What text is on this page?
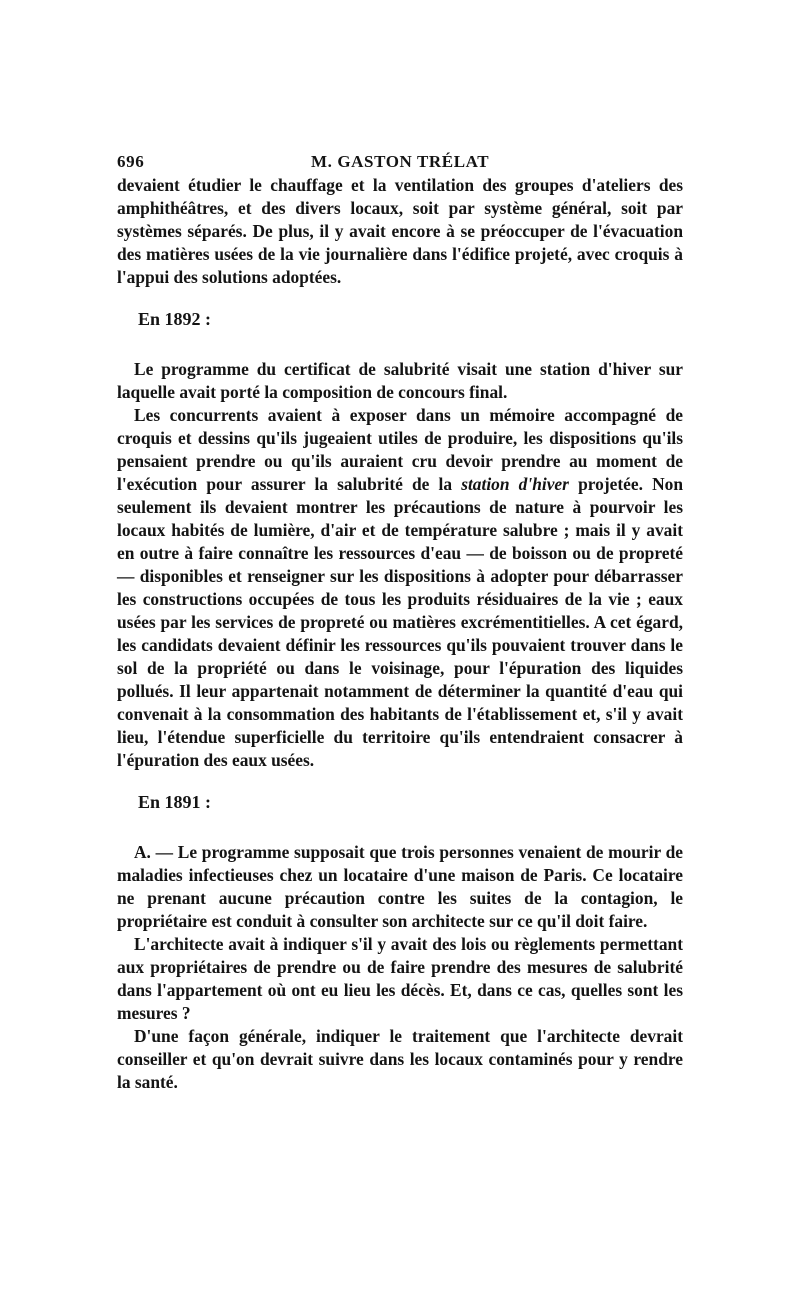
696	M. GASTON TRÉLAT

devaient étudier le chauffage et la ventilation des groupes d'ateliers des amphithéâtres, et des divers locaux, soit par système général, soit par systèmes séparés. De plus, il y avait encore à se préoccuper de l'évacuation des matières usées de la vie journalière dans l'édifice projeté, avec croquis à l'appui des solutions adoptées.

En 1892 :

Le programme du certificat de salubrité visait une station d'hiver sur laquelle avait porté la composition de concours final.

Les concurrents avaient à exposer dans un mémoire accompagné de croquis et dessins qu'ils jugeaient utiles de produire, les dispositions qu'ils pensaient prendre ou qu'ils auraient cru devoir prendre au moment de l'exécution pour assurer la salubrité de la station d'hiver projetée. Non seulement ils devaient montrer les précautions de nature à pourvoir les locaux habités de lumière, d'air et de température salubre ; mais il y avait en outre à faire connaître les ressources d'eau — de boisson ou de propreté — disponibles et renseigner sur les dispositions à adopter pour débarrasser les constructions occupées de tous les produits résiduaires de la vie ; eaux usées par les services de propreté ou matières excrémentitielles. A cet égard, les candidats devaient définir les ressources qu'ils pouvaient trouver dans le sol de la propriété ou dans le voisinage, pour l'épuration des liquides pollués. Il leur appartenait notamment de déterminer la quantité d'eau qui convenait à la consommation des habitants de l'établissement et, s'il y avait lieu, l'étendue superficielle du territoire qu'ils entendraient consacrer à l'épuration des eaux usées.

En 1891 :

A. — Le programme supposait que trois personnes venaient de mourir de maladies infectieuses chez un locataire d'une maison de Paris. Ce locataire ne prenant aucune précaution contre les suites de la contagion, le propriétaire est conduit à consulter son architecte sur ce qu'il doit faire.

L'architecte avait à indiquer s'il y avait des lois ou règlements permettant aux propriétaires de prendre ou de faire prendre des mesures de salubrité dans l'appartement où ont eu lieu les décès. Et, dans ce cas, quelles sont les mesures ?

D'une façon générale, indiquer le traitement que l'architecte devrait conseiller et qu'on devrait suivre dans les locaux contaminés pour y rendre la santé.
